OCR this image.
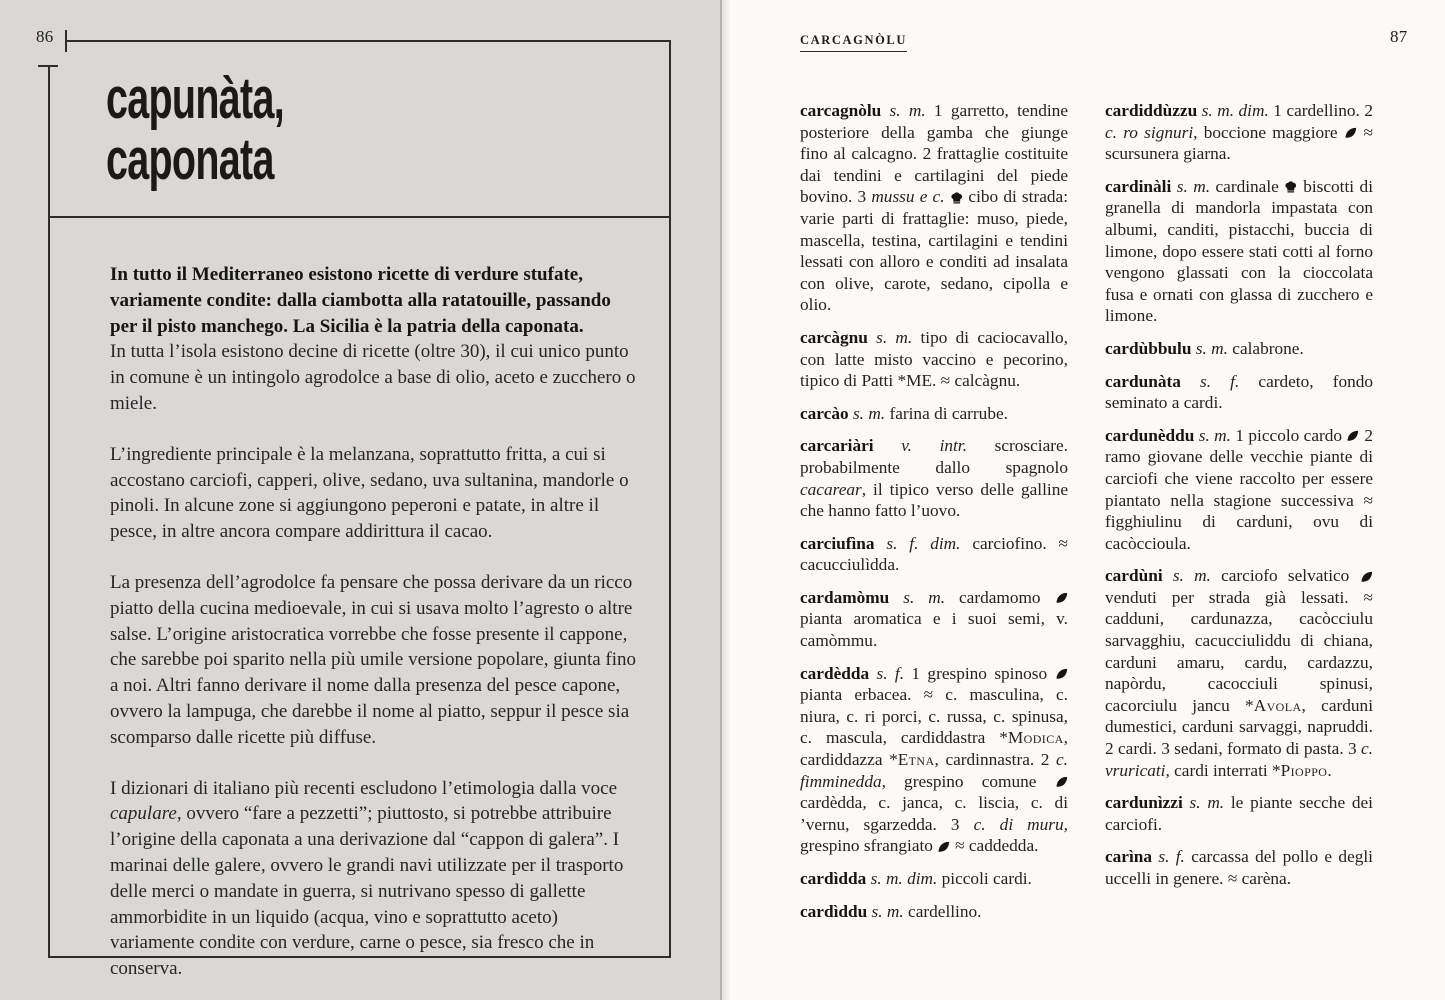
86
capunàta,
caponata

In tutto il Mediterraneo esistono ricette di verdure stufate, variamente condite: dalla ciambotta alla ratatouille, passando per il pisto manchego. La Sicilia è la patria della caponata.

In tutta l’isola esistono decine di ricette (oltre 30), il cui unico punto in comune è un intingolo agrodolce a base di olio, aceto e zucchero o miele.

L’ingrediente principale è la melanzana, soprattutto fritta, a cui si accostano carciofi, capperi, olive, sedano, uva sultanina, mandorle o pinoli. In alcune zone si aggiungono peperoni e patate, in altre il pesce, in altre ancora compare addirittura il cacao.

La presenza dell’agrodolce fa pensare che possa derivare da un ricco piatto della cucina medioevale, in cui si usava molto l’agresto o altre salse. L’origine aristocratica vorrebbe che fosse presente il cappone, che sarebbe poi sparito nella più umile versione popolare, giunta fino a noi. Altri fanno derivare il nome dalla presenza del pesce capone, ovvero la lampuga, che darebbe il nome al piatto, seppur il pesce sia scomparso dalle ricette più diffuse.

I dizionari di italiano più recenti escludono l’etimologia dalla voce capulare, ovvero “fare a pezzetti”; piuttosto, si potrebbe attribuire l’origine della caponata a una derivazione dal “cappon di galera”. I marinai delle galere, ovvero le grandi navi utilizzate per il trasporto delle merci o mandate in guerra, si nutrivano spesso di gallette ammorbidite in un liquido (acqua, vino e soprattutto aceto) variamente condite con verdure, carne o pesce, sia fresco che in conserva.

CARCAGNÒLU	87

carcagnòlu s. m. 1 garretto, tendine posteriore della gamba che giunge fino al calcagno. 2 frattaglie costituite dai tendini e cartilagini del piede bovino. 3 mussu e c.
cibo di strada: varie parti di frattaglie: muso, piede, mascella, testina, cartilagini e tendini lessati con alloro e conditi ad insalata con olive, carote, sedano, cipolla e olio.

carcàgnu s. m. tipo di caciocavallo, con latte misto vaccino e pecorino, tipico di Patti *ME. ≈ calcàgnu.

carcào s. m. farina di carrube.

carcariàri v. intr. scrosciare. probabilmente dallo spagnolo cacarear, il tipico verso delle galline che hanno fatto l’uovo.

carciufìna s. f. dim. carciofino. ≈ cacucciulìdda.

cardamòmu s. m. cardamomo
pianta aromatica e i suoi semi, v. camòmmu.

cardèdda s. f. 1 grespino spinoso
pianta erbacea. ≈ c. masculina, c. niura, c. ri porci, c. russa, c. spinusa, c. mascula, cardiddastra *Modica, cardiddazza *Etna, cardinnastra. 2 c. fimminedda, grespino comune
cardèdda, c. janca, c. liscia, c. di ’vernu, sgarzedda. 3 c. di muru, grespino sfrangiato
≈ caddedda.

cardìdda s. m. dim. piccoli cardi.

cardìddu s. m. cardellino.

cardiddùzzu s. m. dim. 1 cardellino. 2 c. ro signuri, boccione maggiore
≈ scursunera giarna.

cardinàli s. m. cardinale
biscotti di granella di mandorla impastata con albumi, canditi, pistacchi, buccia di limone, dopo essere stati cotti al forno vengono glassati con la cioccolata fusa e ornati con glassa di zucchero e limone.

cardùbbulu s. m. calabrone.

cardunàta s. f. cardeto, fondo seminato a cardi.

cardunèddu s. m. 1 piccolo cardo
2 ramo giovane delle vecchie piante di carciofi che viene raccolto per essere piantato nella stagione successiva ≈ figghiulinu di carduni, ovu di cacòccioula.

cardùni s. m. carciofo selvatico
venduti per strada già lessati. ≈ cadduni, cardunazza, cacòcciulu sarvagghiu, cacucciuliddu di chiana, carduni amaru, cardu, cardazzu, napòrdu, cacocciuli spinusi, cacorciulu jancu *Avola, carduni dumestici, carduni sarvaggi, napruddi. 2 cardi. 3 sedani, formato di pasta. 3 c. vruricati, cardi interrati *Pioppo.

cardunìzzi s. m. le piante secche dei carciofi.

carìna s. f. carcassa del pollo e degli uccelli in genere. ≈ carèna.
